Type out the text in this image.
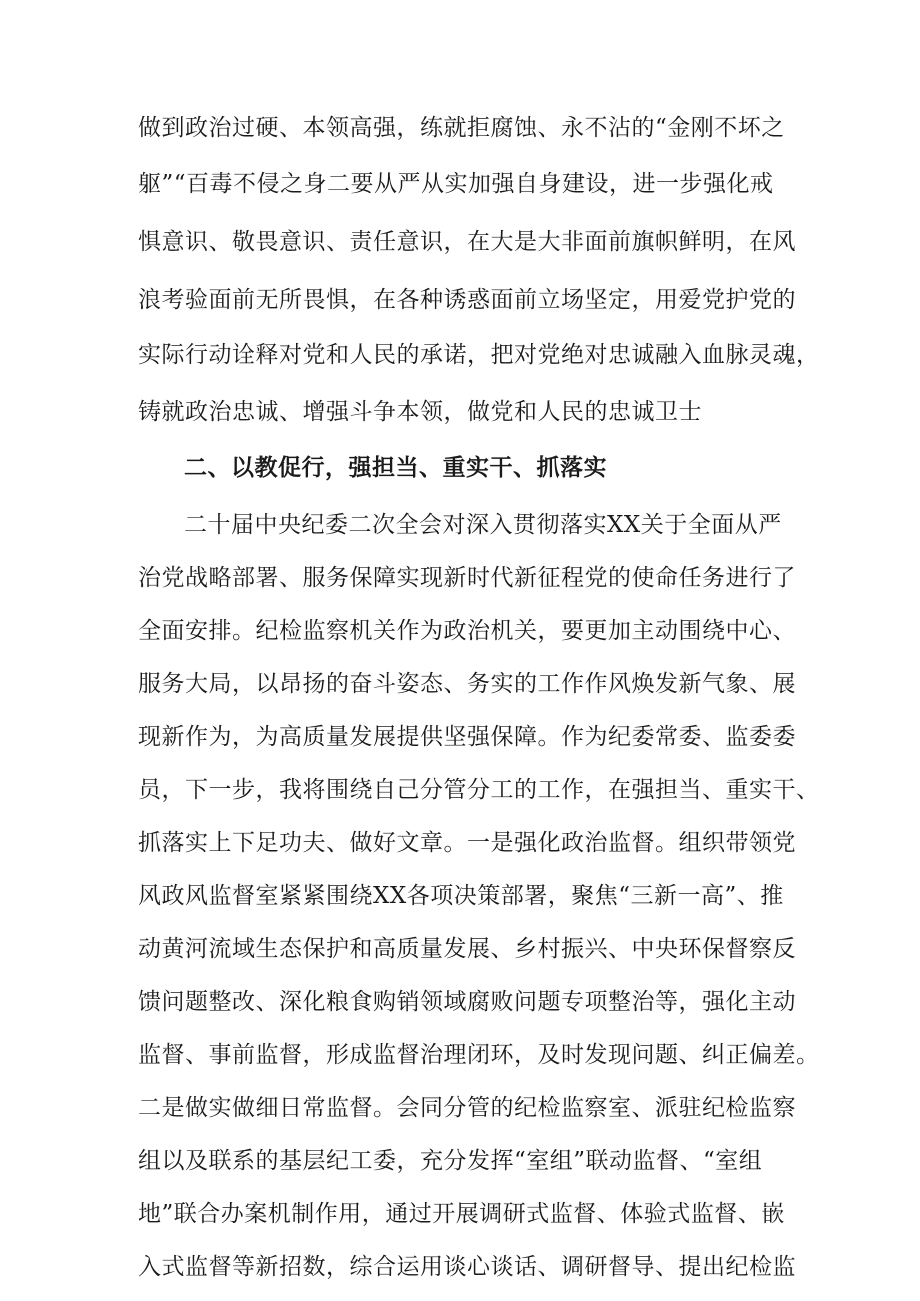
做到政治过硬、本领高强，练就拒腐蚀、永不沾的“金刚不坏之
躯”“百毒不侵之身二要从严从实加强自身建设，进一步强化戒
惧意识、敬畏意识、责任意识，在大是大非面前旗帜鲜明，在风
浪考验面前无所畏惧，在各种诱惑面前立场坚定，用爱党护党的
实际行动诠释对党和人民的承诺，把对党绝对忠诚融入血脉灵魂，
铸就政治忠诚、增强斗争本领，做党和人民的忠诚卫士
二、以教促行，强担当、重实干、抓落实
二十届中央纪委二次全会对深入贯彻落实XX关于全面从严
治党战略部署、服务保障实现新时代新征程党的使命任务进行了
全面安排。纪检监察机关作为政治机关，要更加主动围绕中心、
服务大局，以昂扬的奋斗姿态、务实的工作作风焕发新气象、展
现新作为，为高质量发展提供坚强保障。作为纪委常委、监委委
员，下一步，我将围绕自己分管分工的工作，在强担当、重实干、
抓落实上下足功夫、做好文章。一是强化政治监督。组织带领党
风政风监督室紧紧围绕XX各项决策部署，聚焦“三新一高”、推
动黄河流域生态保护和高质量发展、乡村振兴、中央环保督察反
馈问题整改、深化粮食购销领域腐败问题专项整治等，强化主动
监督、事前监督，形成监督治理闭环，及时发现问题、纠正偏差。
二是做实做细日常监督。会同分管的纪检监察室、派驻纪检监察
组以及联系的基层纪工委，充分发挥“室组”联动监督、“室组
地”联合办案机制作用，通过开展调研式监督、体验式监督、嵌
入式监督等新招数，综合运用谈心谈话、调研督导、提出纪检监
